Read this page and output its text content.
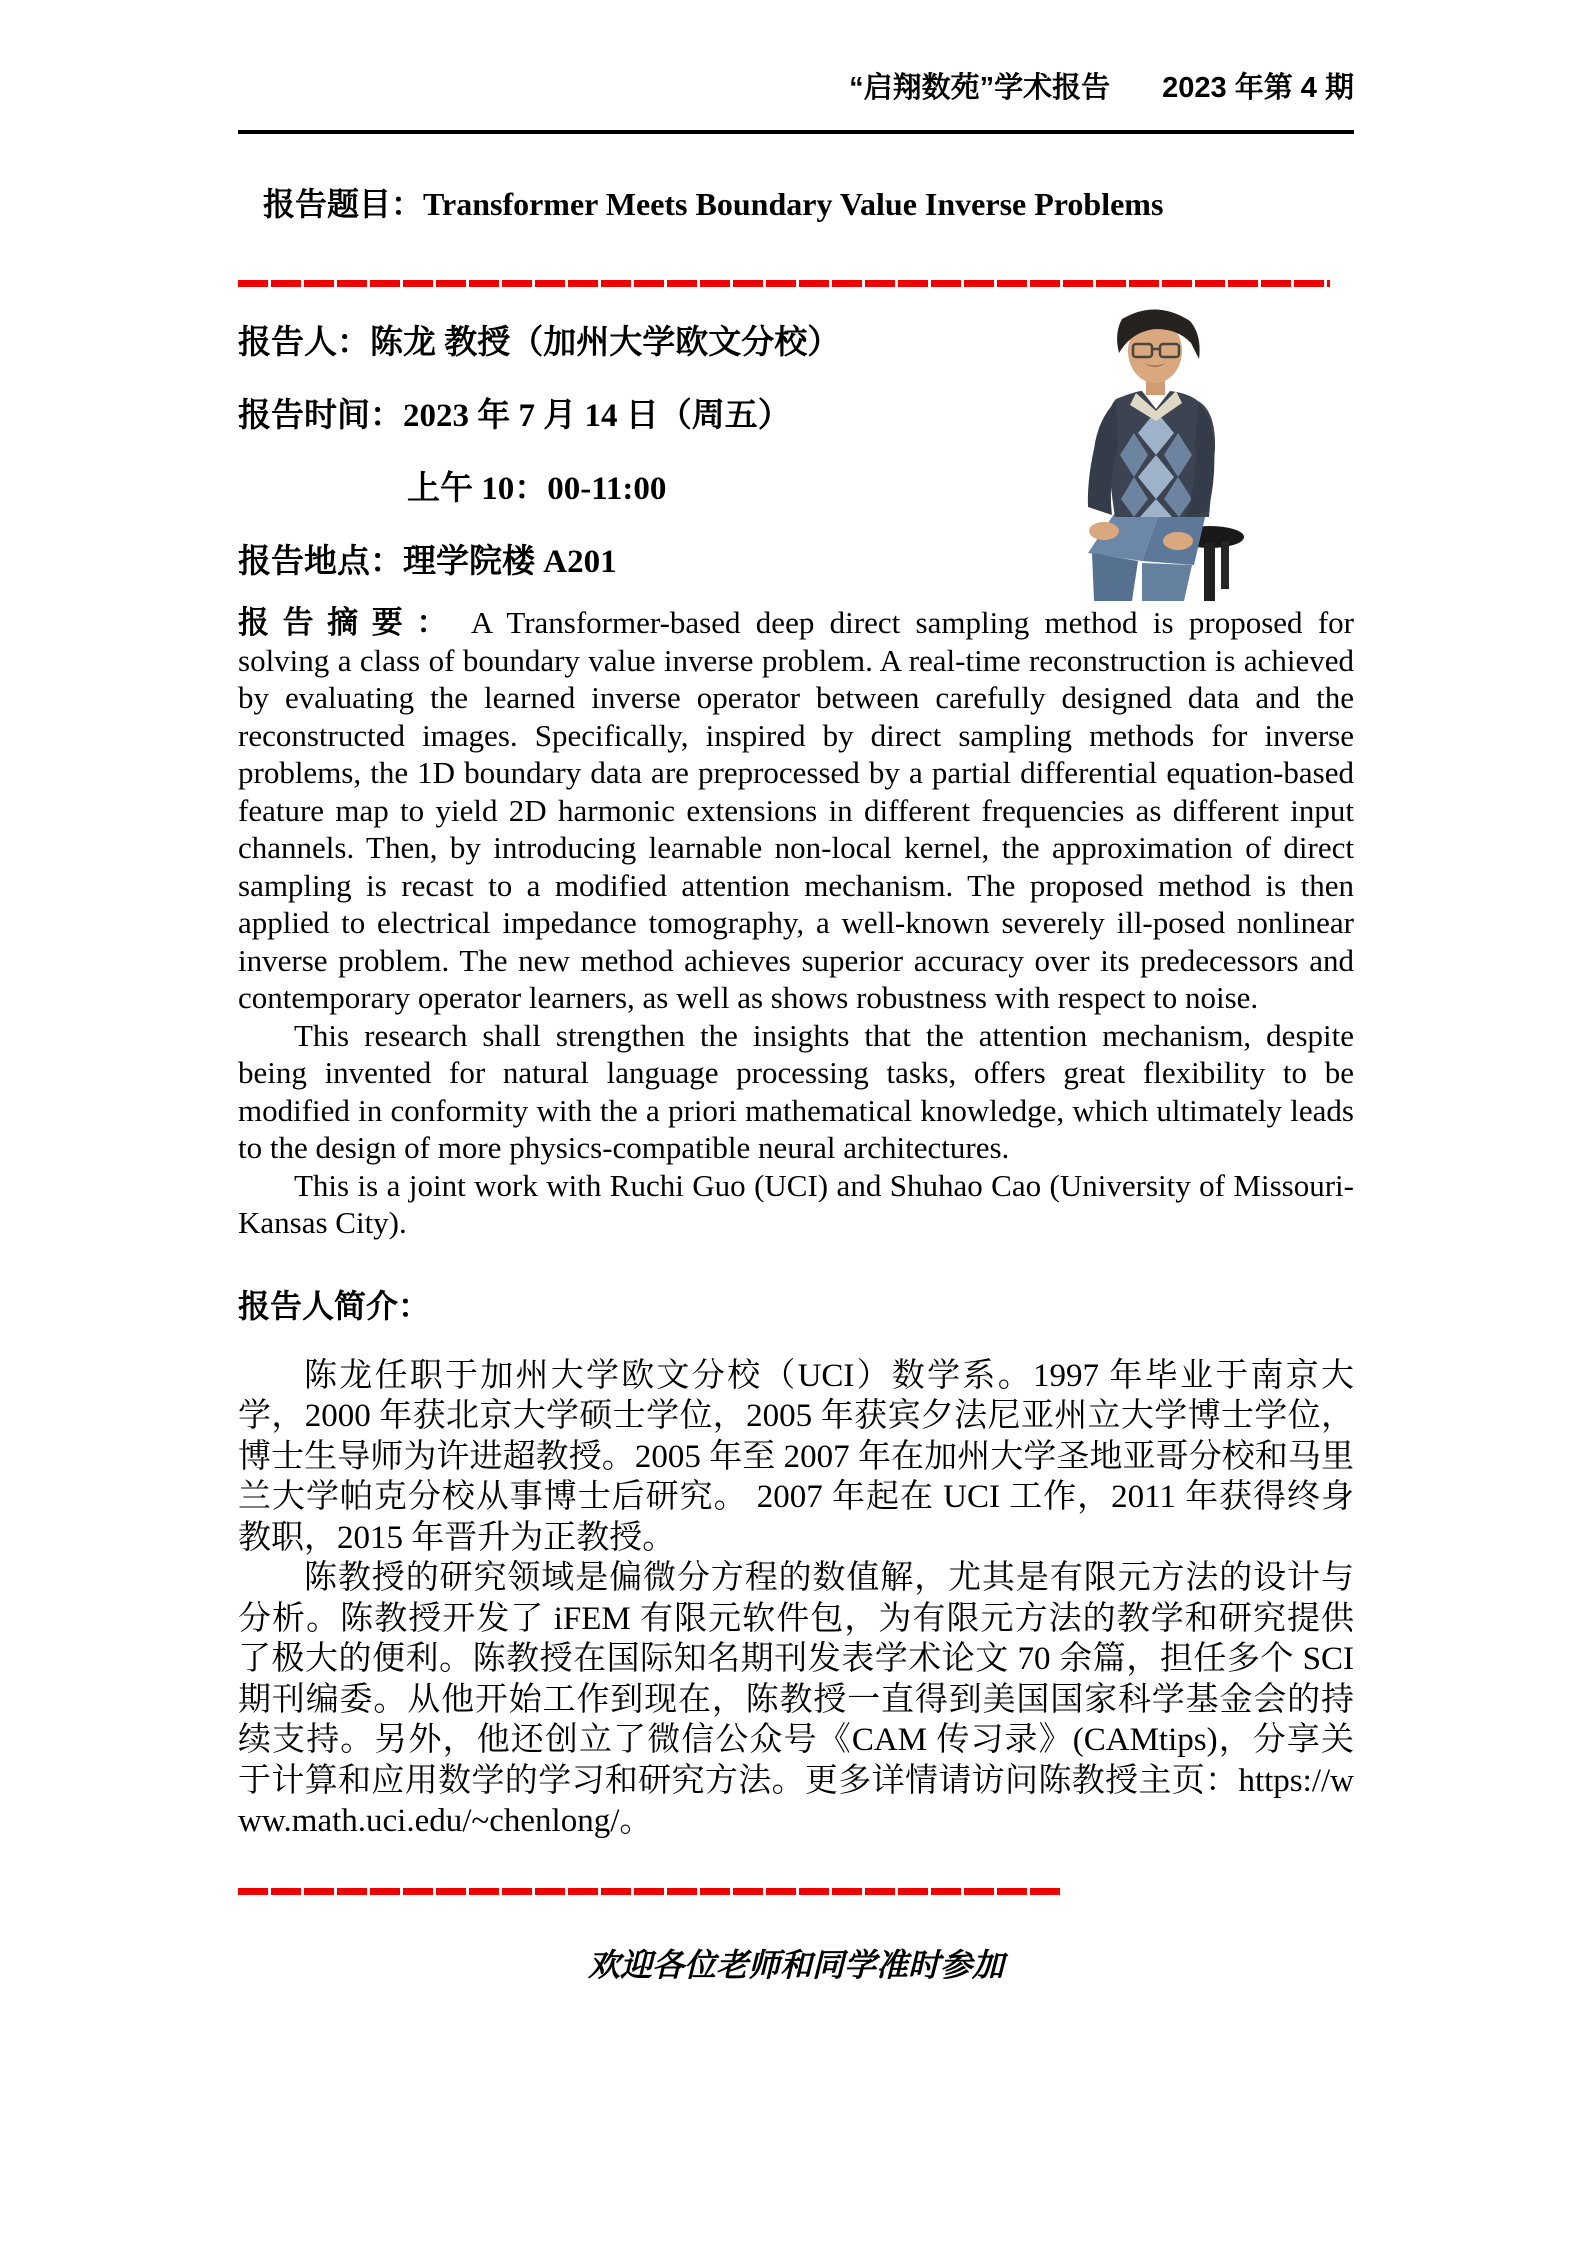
“启翔数苑”学术报告 2023 年第 4 期
报告题目：Transformer Meets Boundary Value Inverse Problems
报告人：陈龙 教授（加州大学欧文分校）
报告时间：2023 年 7 月 14 日（周五）
上午 10：00-11:00
报告地点：理学院楼 A201

报告摘要： A Transformer-based deep direct sampling method is proposed for solving a class of boundary value inverse problem. A real-time reconstruction is achieved by evaluating the learned inverse operator between carefully designed data and the reconstructed images. Specifically, inspired by direct sampling methods for inverse problems, the 1D boundary data are preprocessed by a partial differential equation-based feature map to yield 2D harmonic extensions in different frequencies as different input channels. Then, by introducing learnable non-local kernel, the approximation of direct sampling is recast to a modified attention mechanism. The proposed method is then applied to electrical impedance tomography, a well-known severely ill-posed nonlinear inverse problem. The new method achieves superior accuracy over its predecessors and contemporary operator learners, as well as shows robustness with respect to noise.

This research shall strengthen the insights that the attention mechanism, despite being invented for natural language processing tasks, offers great flexibility to be modified in conformity with the a priori mathematical knowledge, which ultimately leads to the design of more physics-compatible neural architectures.

This is a joint work with Ruchi Guo (UCI) and Shuhao Cao (University of Missouri-Kansas City).

报告人简介：

陈龙任职于加州大学欧文分校（UCI）数学系。1997 年毕业于南京大学，2000 年获北京大学硕士学位，2005 年获宾夕法尼亚州立大学博士学位，博士生导师为许进超教授。2005 年至 2007 年在加州大学圣地亚哥分校和马里兰大学帕克分校从事博士后研究。 2007 年起在 UCI 工作，2011 年获得终身教职，2015 年晋升为正教授。

陈教授的研究领域是偏微分方程的数值解，尤其是有限元方法的设计与分析。陈教授开发了 iFEM 有限元软件包，为有限元方法的教学和研究提供了极大的便利。陈教授在国际知名期刊发表学术论文 70 余篇，担任多个 SCI 期刊编委。从他开始工作到现在，陈教授一直得到美国国家科学基金会的持续支持。另外，他还创立了微信公众号《CAM 传习录》(CAMtips)，分享关于计算和应用数学的学习和研究方法。更多详情请访问陈教授主页：https://www.math.uci.edu/~chenlong/。

欢迎各位老师和同学准时参加
